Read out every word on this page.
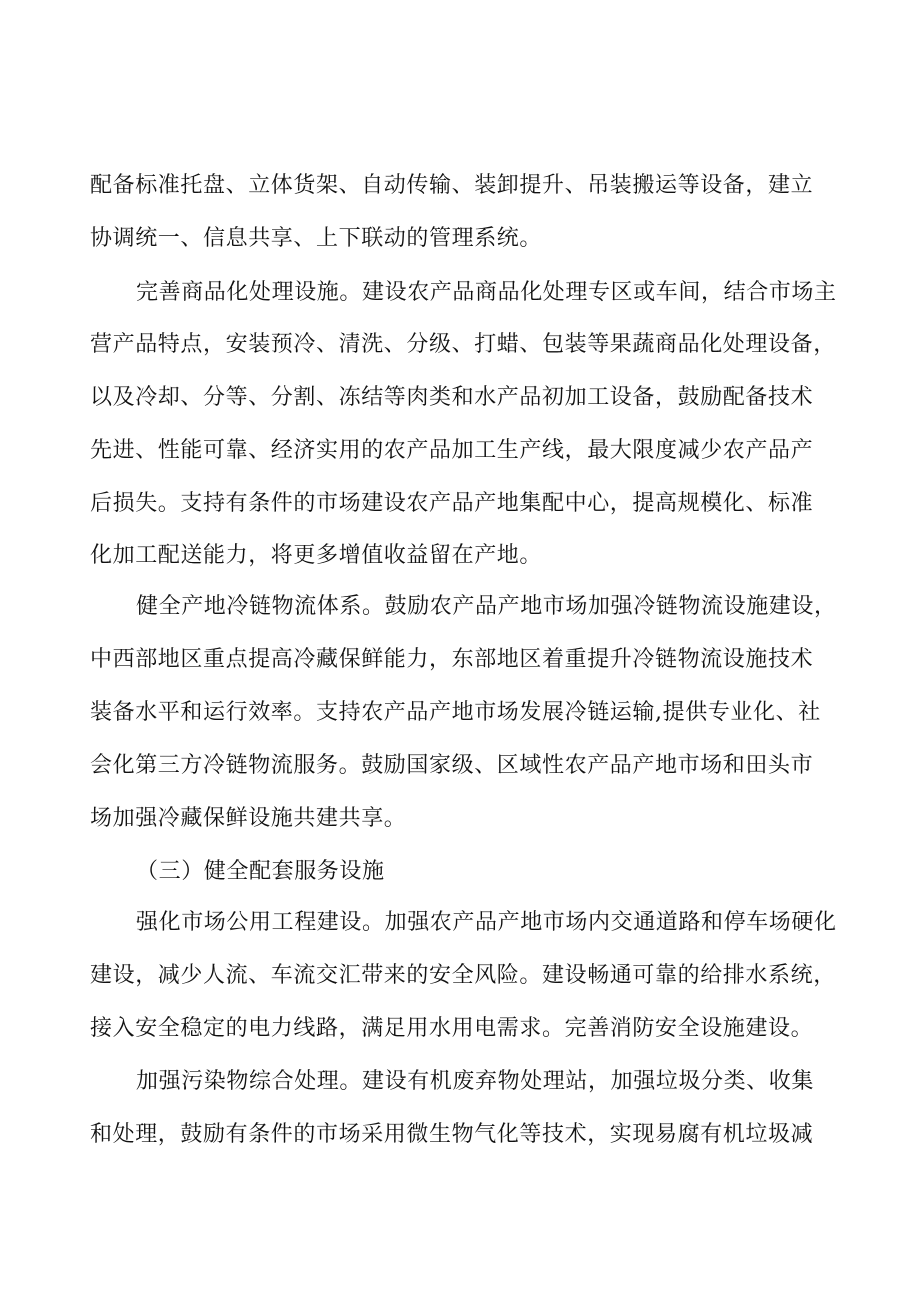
配备标准托盘、立体货架、自动传输、装卸提升、吊装搬运等设备，建立
协调统一、信息共享、上下联动的管理系统。
完善商品化处理设施。建设农产品商品化处理专区或车间，结合市场主
营产品特点，安装预冷、清洗、分级、打蜡、包装等果蔬商品化处理设备，
以及冷却、分等、分割、冻结等肉类和水产品初加工设备，鼓励配备技术
先进、性能可靠、经济实用的农产品加工生产线，最大限度减少农产品产
后损失。支持有条件的市场建设农产品产地集配中心，提高规模化、标准
化加工配送能力，将更多增值收益留在产地。
健全产地冷链物流体系。鼓励农产品产地市场加强冷链物流设施建设，
中西部地区重点提高冷藏保鲜能力，东部地区着重提升冷链物流设施技术
装备水平和运行效率。支持农产品产地市场发展冷链运输,提供专业化、社
会化第三方冷链物流服务。鼓励国家级、区域性农产品产地市场和田头市
场加强冷藏保鲜设施共建共享。
（三）健全配套服务设施
强化市场公用工程建设。加强农产品产地市场内交通道路和停车场硬化
建设，减少人流、车流交汇带来的安全风险。建设畅通可靠的给排水系统，
接入安全稳定的电力线路，满足用水用电需求。完善消防安全设施建设。
加强污染物综合处理。建设有机废弃物处理站，加强垃圾分类、收集
和处理，鼓励有条件的市场采用微生物气化等技术，实现易腐有机垃圾减
